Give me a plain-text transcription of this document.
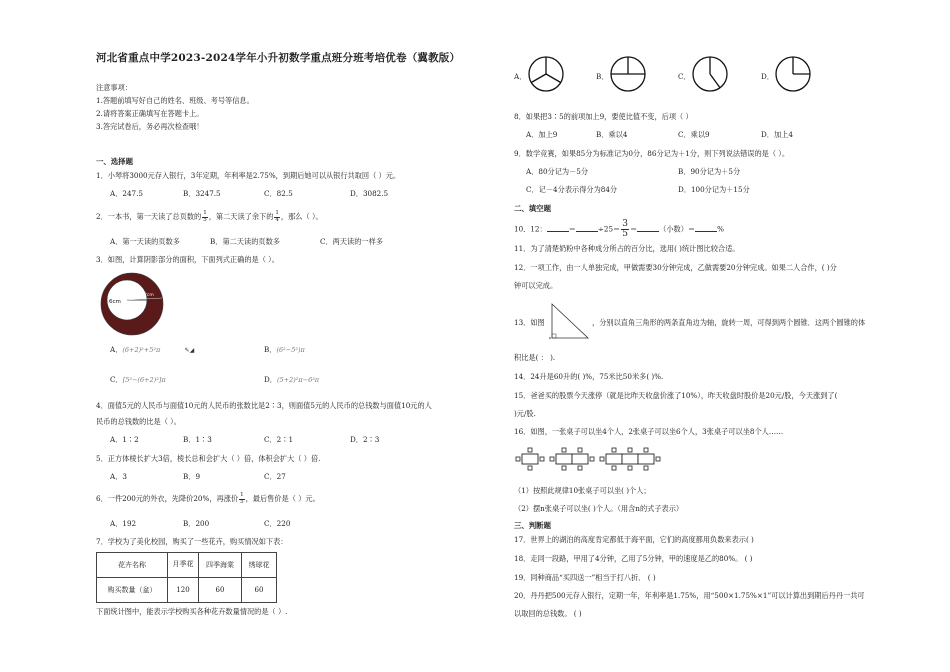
河北省重点中学2023-2024学年小升初数学重点班分班考培优卷（冀教版）
注意事项：
1.答题前填写好自己的姓名、班级、考号等信息。
2.请将答案正确填写在答题卡上。
3.答完试卷后，务必再次检查哦！
一、选择题
1．小琴将3000元存入银行，3年定期，年利率是2.75%，到期后她可以从银行共取回（ ）元。
A．247.5	B．3247.5	C．82.5	D．3082.5
2．一本书，第一天读了总页数的 $\frac{1}{5}$ ，第二天读了余下的 $\frac{1}{4}$ ，那么（ ）。
A．第一天读的页数多	B．第二天读的页数多	C．两天读的一样多
3．如图，计算阴影部分的面积，下面列式正确的是（ ）。
6cm
2cm
A．(6+2)²+5²π	✎◢	B．(6²−5²)π
C．[5²−(6+2)²]π	D．(5+2)²π−6²π
4．面值5元的人民币与面值10元的人民币的张数比是2∶3，则面值5元的人民币的总钱数与面值10元的人
民币的总钱数的比是（ ）。
A．1∶2	B．1∶3	C．2∶1	D．2∶3
5．正方体棱长扩大3倍，棱长总和会扩大（ ）倍，体积会扩大（ ）倍.
A．3	B．9	C．27
6．一件200元的外衣，先降价20%，再涨价 $\frac{1}{5}$ ，最后售价是（ ）元。
A．192	B．200	C．220
7．学校为了美化校园，购买了一些花卉，购买情况如下表：
花卉名称	月季花	四季海棠	绣球花
购买数量（盆）	120	60	60
下面统计图中，能表示学校购买各种花卉数量情况的是（ ）.
A．	B．	C．	D．
8．如果把3∶5的前项加上9，要使比值不变，后项（ ）
A．加上9	B．乘以4	C．乘以9	D．加上4
9．数学竞赛，如果85分为标准记为0分，86分记为＋1分，则下列说法错误的是（ ）。
A．80分记为－5分	B．90分记为＋5分
C．记－4分表示得分为84分	D．100分记为＋15分
二、填空题
10．12：	＝	$\div 25= \frac{3}{5}$ ＝	（小数）＝	%
11．为了清楚奶粉中各种成分所占的百分比，选用( )统计图比较合适。
12．一项工作，由一人单独完成，甲做需要30分钟完成，乙做需要20分钟完成。如果二人合作，( )分
钟可以完成。
13．如图	，分别以直角三角形的两条直角边为轴，旋转一周，可得到两个圆锥．这两个圆锥的体
积比是( ： ).
14．24升是60升的( )%，75米比50米多( )%.
15．爸爸买的股票今天涨停（就是比昨天收盘价涨了10%），昨天收盘时股价是20元/股，今天涨到了(
)元/股.
16．如图，一张桌子可以坐4个人，2张桌子可以坐6个人，3张桌子可以坐8个人……
（1）按照此规律10张桌子可以坐( )个人；
（2）摆n张桌子可以坐( )个人。（用含n的式子表示）
三、判断题
17．世界上的湖泊的高度肯定都低于海平面，它们的高度都用负数来表示( )
18．走同一段路，甲用了4分钟，乙用了5分钟，甲的速度是乙的80%。 ( )
19．同种商品“买四送一”相当于打八折． ( )
20．丹丹把500元存入银行，定期一年，年利率是1.75%，用“500×1.75%×1”可以计算出到期后丹丹一共可
以取回的总钱数。 ( )
